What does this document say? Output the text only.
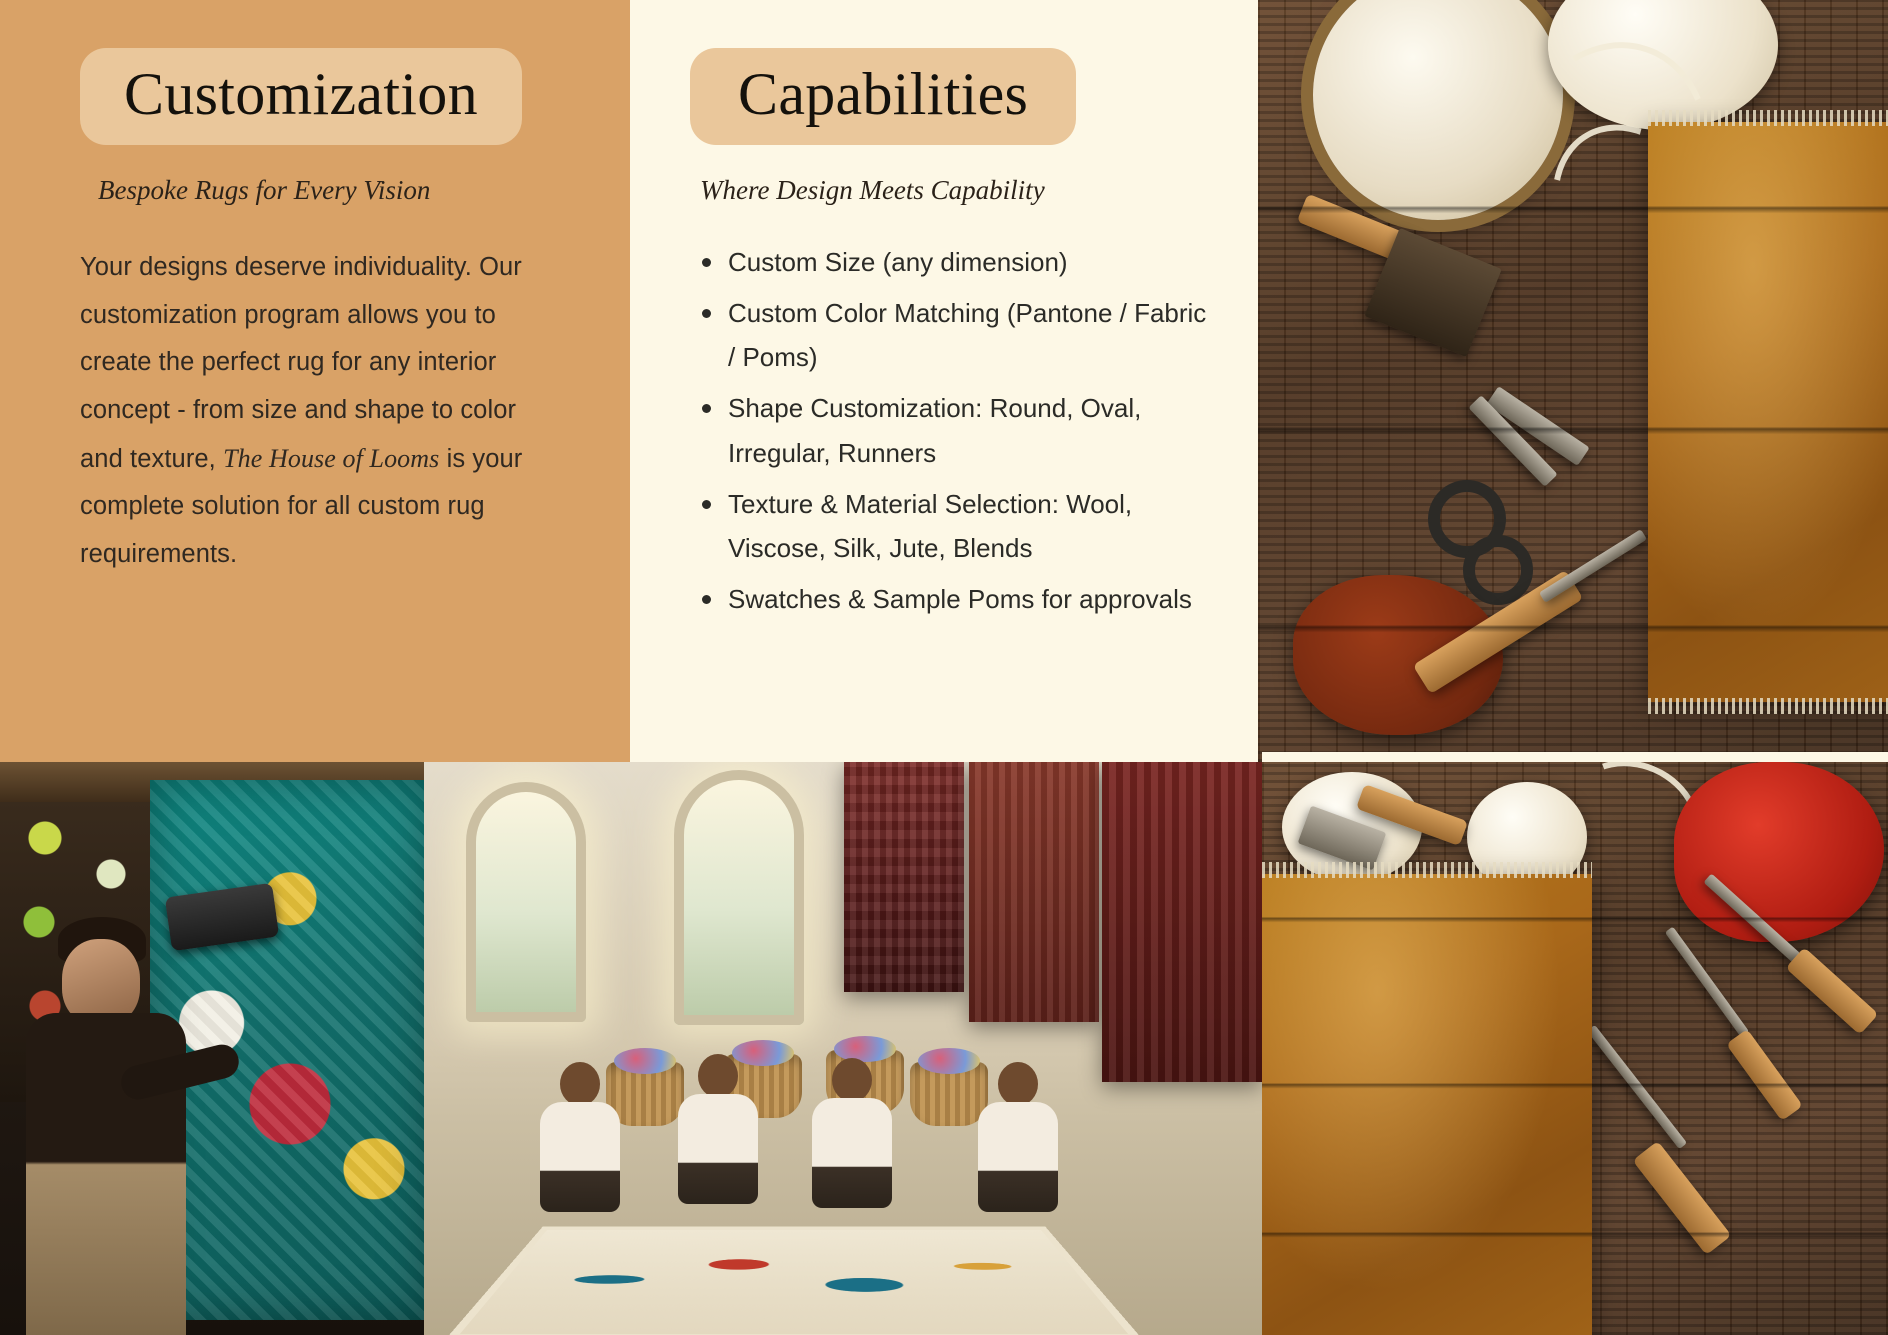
Customization
Bespoke Rugs for Every Vision

Your designs deserve individuality. Our customization program allows you to create the perfect rug for any interior concept - from size and shape to color and texture, The House of Looms is your complete solution for all custom rug requirements.

Capabilities
Where Design Meets Capability
Custom Size (any dimension)
Custom Color Matching (Pantone / Fabric / Poms)
Shape Customization: Round, Oval, Irregular, Runners
Texture & Material Selection: Wool, Viscose, Silk, Jute, Blends
Swatches & Sample Poms for approvals
